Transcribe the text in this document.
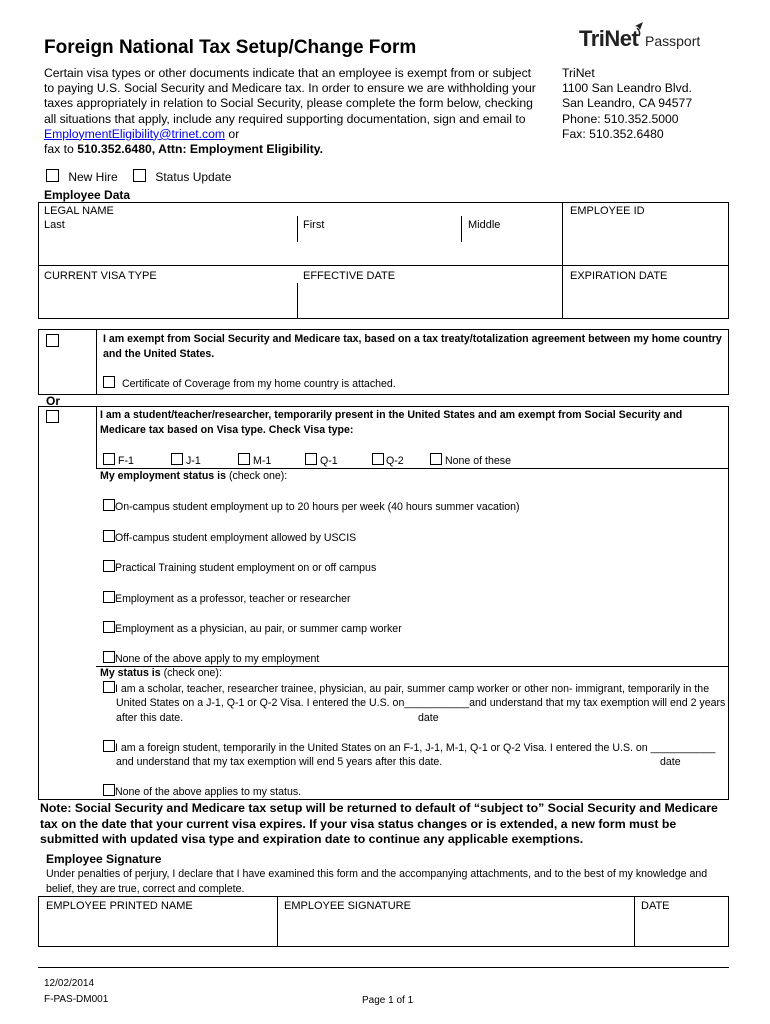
Foreign National Tax Setup/Change Form	TriNet Passport
Certain visa types or other documents indicate that an employee is exempt from or subject to paying U.S. Social Security and Medicare tax. In order to ensure we are withholding your taxes appropriately in relation to Social Security, please complete the form below, checking all situations that apply, include any required supporting documentation, sign and email to EmploymentEligibility@trinet.com or
fax to 510.352.6480, Attn: Employment Eligibility.
TriNet
1100 San Leandro Blvd.
San Leandro, CA 94577
Phone: 510.352.5000
Fax: 510.352.6480
New Hire	Status Update
Employee Data
LEGAL NAME
Last	First	Middle
EMPLOYEE ID
CURRENT VISA TYPE	EFFECTIVE DATE	EXPIRATION DATE
I am exempt from Social Security and Medicare tax, based on a tax treaty/totalization agreement between my home country and the United States.
Certificate of Coverage from my home country is attached.
Or
I am a student/teacher/researcher, temporarily present in the United States and am exempt from Social Security and Medicare tax based on Visa type. Check Visa type:
F-1	J-1	M-1	Q-1	Q-2	None of these
My employment status is (check one):
On-campus student employment up to 20 hours per week (40 hours summer vacation)
Off-campus student employment allowed by USCIS
Practical Training student employment on or off campus
Employment as a professor, teacher or researcher
Employment as a physician, au pair, or summer camp worker
None of the above apply to my employment
My status is (check one):
I am a scholar, teacher, researcher trainee, physician, au pair, summer camp worker or other non- immigrant, temporarily in the
United States on a J-1, Q-1 or Q-2 Visa. I entered the U.S. on___________and understand that my tax exemption will end 2 years
after this date.	date
I am a foreign student, temporarily in the United States on an F-1, J-1, M-1, Q-1 or Q-2 Visa. I entered the U.S. on ___________
and understand that my tax exemption will end 5 years after this date.	date
None of the above applies to my status.
Note: Social Security and Medicare tax setup will be returned to default of “subject to” Social Security and Medicare tax on the date that your current visa expires. If your visa status changes or is extended, a new form must be submitted with updated visa type and expiration date to continue any applicable exemptions.
Employee Signature
Under penalties of perjury, I declare that I have examined this form and the accompanying attachments, and to the best of my knowledge and belief, they are true, correct and complete.
EMPLOYEE PRINTED NAME	EMPLOYEE SIGNATURE	DATE
12/02/2014
F-PAS-DM001	Page 1 of 1
